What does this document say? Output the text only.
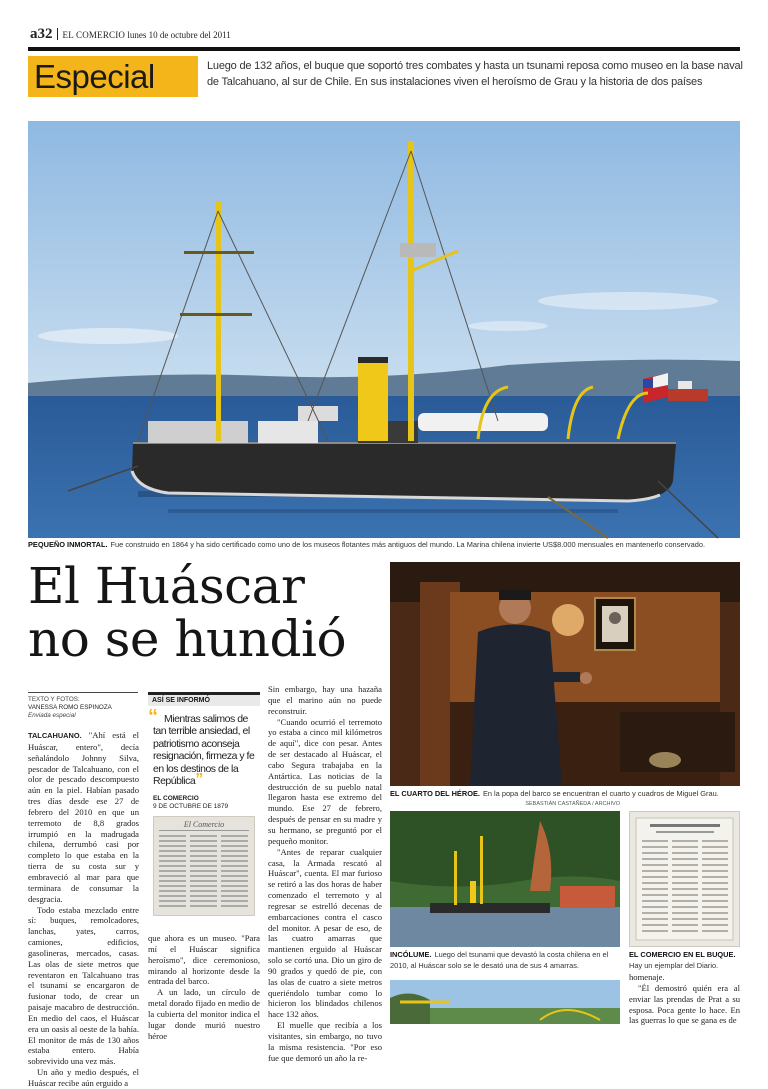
a32 EL COMERCIO lunes 10 de octubre del 2011
Especial	Luego de 132 años, el buque que soportó tres combates y hasta un tsunami reposa como museo en la base naval de Talcahuano, al sur de Chile. En sus instalaciones viven el heroísmo de Grau y la historia de dos países
PEQUEÑO INMORTAL. Fue construido en 1864 y ha sido certificado como uno de los museos flotantes más antiguos del mundo. La Marina chilena invierte US$8.000 mensuales en mantenerlo conservado.
El Huáscar
no se hundió
TEXTO Y FOTOS:
VANESSA ROMO ESPINOZA
Enviada especial

TALCAHUANO. "Ahí está el Huáscar, entero", decía señalándolo Johnny Silva, pescador de Talcahuano, con el olor de pescado descompuesto aún en la piel. Habían pasado tres días desde ese 27 de febrero del 2010 en que un terremoto de 8,8 grados irrumpió en la madrugada chilena, derrumbó casi por completo lo que estaba en la tierra de su costa sur y embraveció al mar para que terminara de consumar la desgracia.

Todo estaba mezclado entre sí: buques, remolcadores, lanchas, yates, carros, camiones, edificios, gasolineras, mercados, casas. Las olas de siete metros que reventaron en Talcahuano tras el tsunami se encargaron de fusionar todo, de crear un paisaje macabro de destrucción. En medio del caos, el Huáscar era un oasis al oeste de la bahía. El monitor de más de 130 años estaba entero. Había sobrevivido una vez más.

Un año y medio después, el Huáscar recibe aún erguido a

ASÍ SE INFORMÓ
“ Mientras salimos de tan terrible ansiedad, el patriotismo aconseja resignación, firmeza y fe en los destinos de la República”
EL COMERCIO
9 DE OCTUBRE DE 1879
El Comercio

que ahora es un museo. "Para mí el Huáscar significa heroísmo", dice ceremonioso, mirando al horizonte desde la entrada del barco.

A un lado, un círculo de metal dorado fijado en medio de la cubierta del monitor indica el lugar donde murió nuestro héroe

Sin embargo, hay una hazaña que el marino aún no puede reconstruir.

"Cuando ocurrió el terremoto yo estaba a cinco mil kilómetros de aquí", dice con pesar. Antes de ser destacado al Huáscar, el cabo Segura trabajaba en la Antártica. Las noticias de la destrucción de su pueblo natal llegaron hasta ese extremo del mundo. Ese 27 de febrero, después de pensar en su madre y su hermano, se preguntó por el pequeño monitor.

"Antes de reparar cualquier casa, la Armada rescató al Huáscar", cuenta. El mar furioso se retiró a las dos horas de haber comenzado el terremoto y al regresar se estrelló decenas de embarcaciones contra el casco del monitor. A pesar de eso, de las cuatro amarras que mantienen erguido al Huáscar solo se cortó una. Dio un giro de 90 grados y quedó de pie, con las olas de cuatro a siete metros queriéndolo tumbar como lo hicieron los blindados chilenos hace 132 años.

El muelle que recibía a los visitantes, sin embargo, no tuvo la misma resistencia. "Por eso fue que demoró un año la re-

EL CUARTO DEL HÉROE. En la popa del barco se encuentran el cuarto y cuadros de Miguel Grau.
SEBASTIÁN CASTAÑEDA / ARCHIVO
INCÓLUME. Luego del tsunami que devastó la costa chilena en el 2010, al Huáscar solo se le desató una de sus 4 amarras.
EL COMERCIO EN EL BUQUE.
Hay un ejemplar del Diario.

homenaje.

"Él demostró quién era al enviar las prendas de Prat a su esposa. Poca gente lo hace. En las guerras lo que se gana es de
